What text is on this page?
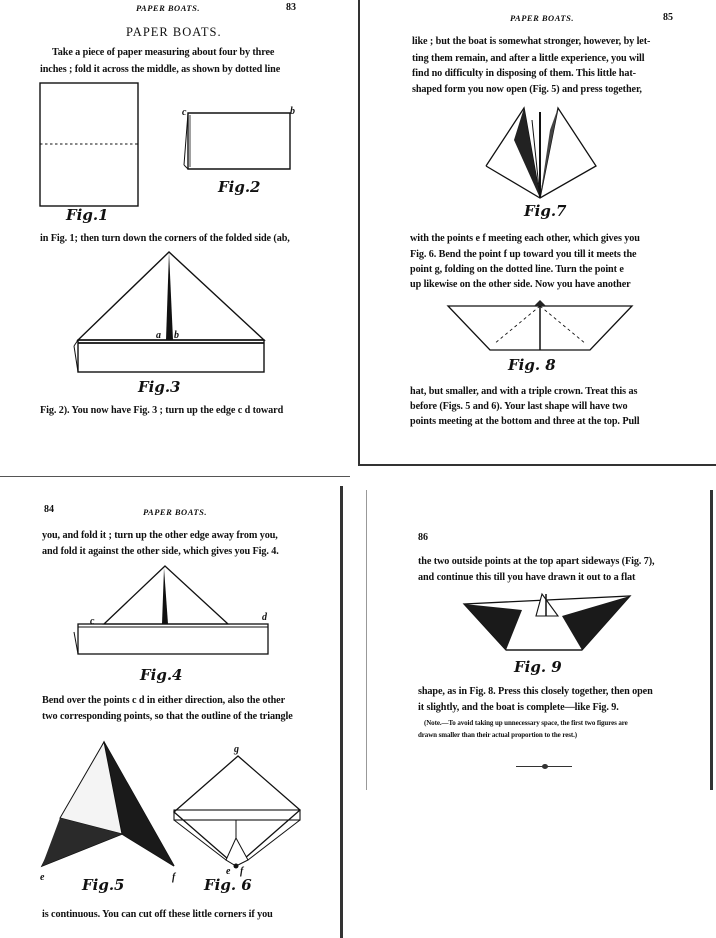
PAPER BOATS.	83
PAPER BOATS.
Take a piece of paper measuring about four by three
inches ; fold it across the middle, as shown by dotted line
Fig.1
c	b
Fig.2
in Fig. 1; then turn down the corners of the folded side (ab,
a b
Fig.3
Fig. 2). You now have Fig. 3 ; turn up the edge c d toward
PAPER BOATS.	85
like ; but the boat is somewhat stronger, however, by let-
ting them remain, and after a little experience, you will
find no difficulty in disposing of them. This little hat-
shaped form you now open (Fig. 5) and press together,
Fig.7
with the points e f meeting each other, which gives you
Fig. 6. Bend the point f up toward you till it meets the
point g, folding on the dotted line. Turn the point e
up likewise on the other side. Now you have another
Fig. 8
hat, but smaller, and with a triple crown. Treat this as
before (Figs. 5 and 6). Your last shape will have two
points meeting at the bottom and three at the top. Pull
84	PAPER BOATS.
you, and fold it ; turn up the other edge away from you,
and fold it against the other side, which gives you Fig. 4.
c	d
Fig.4
Bend over the points c d in either direction, also the other
two corresponding points, so that the outline of the triangle
e	f
Fig.5
g
e f
Fig. 6
is continuous. You can cut off these little corners if you
86
the two outside points at the top apart sideways (Fig. 7),
and continue this till you have drawn it out to a flat
Fig. 9
shape, as in Fig. 8. Press this closely together, then open
it slightly, and the boat is complete—like Fig. 9.
(Note.—To avoid taking up unnecessary space, the first two figures are
drawn smaller than their actual proportion to the rest.)
